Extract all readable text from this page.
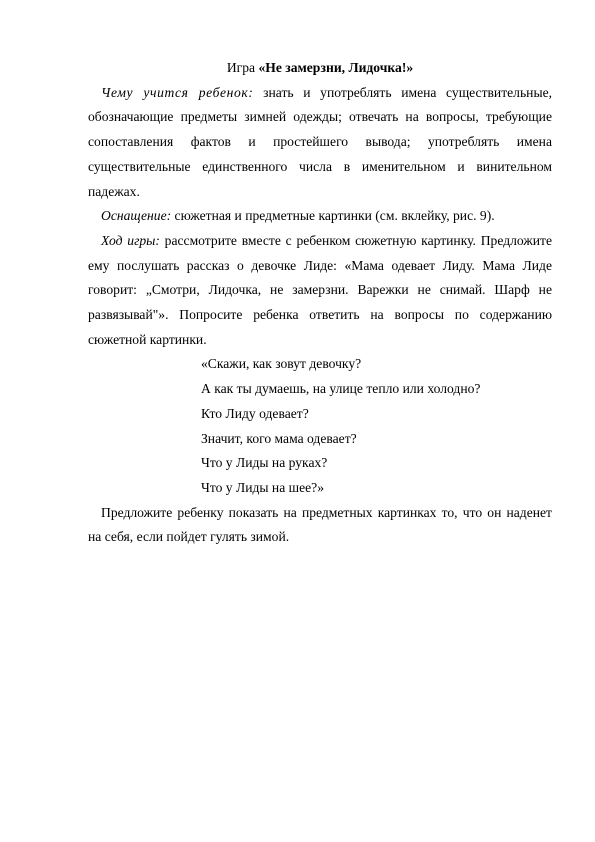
Игра «Не замерзни, Лидочка!»

Чему учится ребенок: знать и употреблять имена существительные, обозначающие предметы зимней одежды; отвечать на вопросы, требующие сопоставления фактов и простейшего вывода; употреблять имена существительные единственного числа в именительном и винительном падежах.

Оснащение: сюжетная и предметные картинки (см. вклейку, рис. 9).

Ход игры: рассмотрите вместе с ребенком сюжетную картинку. Предложите ему послушать рассказ о девочке Лиде: «Мама одевает Лиду. Мама Лиде говорит: „Смотри, Лидочка, не замерзни. Варежки не снимай. Шарф не развязывай"». Попросите ребенка ответить на вопросы по содержанию сюжетной картинки.

«Скажи, как зовут девочку?
А как ты думаешь, на улице тепло или холодно?
Кто Лиду одевает?
Значит, кого мама одевает?
Что у Лиды на руках?
Что у Лиды на шее?»

Предложите ребенку показать на предметных картинках то, что он наденет на себя, если пойдет гулять зимой.
